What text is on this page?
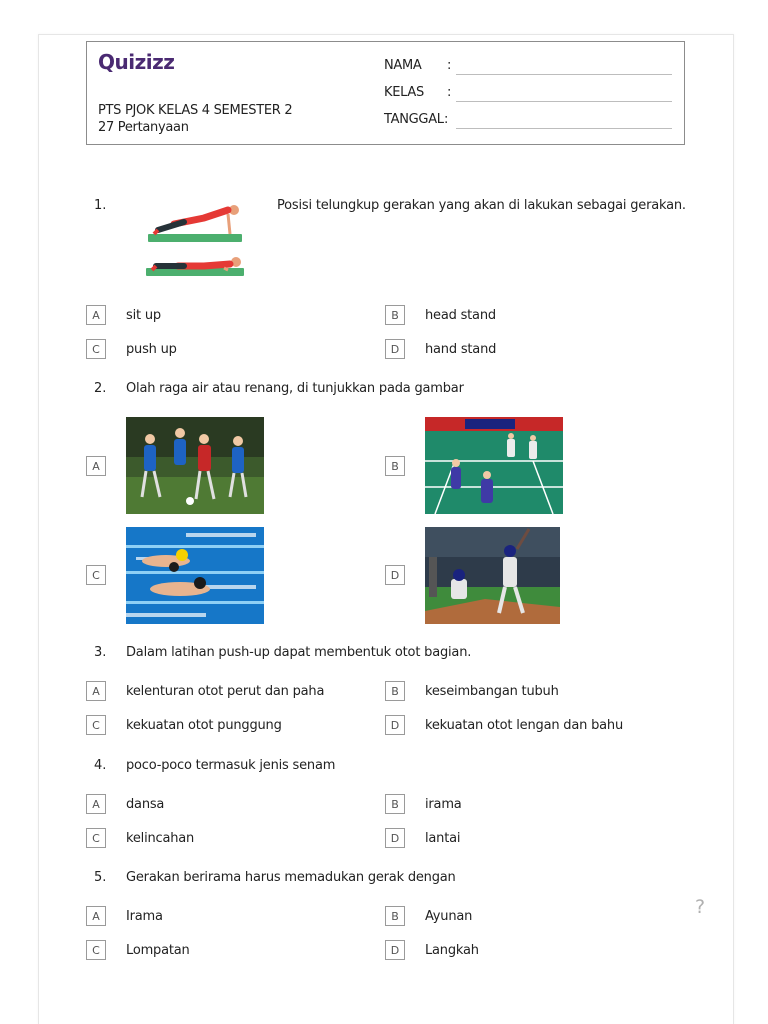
Quizizz
PTS PJOK KELAS 4 SEMESTER 2
27 Pertanyaan
NAMA :
KELAS :
TANGGAL :
1.	Posisi telungkup gerakan yang akan di lakukan sebagai gerakan.
A	sit up	B	head stand
C	push up	D	hand stand
2. Olah raga air atau renang, di tunjukkan pada gambar
A	B
C	D
3. Dalam latihan push-up dapat membentuk otot bagian.
A	kelenturan otot perut dan paha	B	keseimbangan tubuh
C	kekuatan otot punggung	D	kekuatan otot lengan dan bahu
4. poco-poco termasuk jenis senam
A	dansa	B	irama
C	kelincahan	D	lantai
5. Gerakan berirama harus memadukan gerak dengan
A	Irama	B	Ayunan
C	Lompatan	D	Langkah
?
